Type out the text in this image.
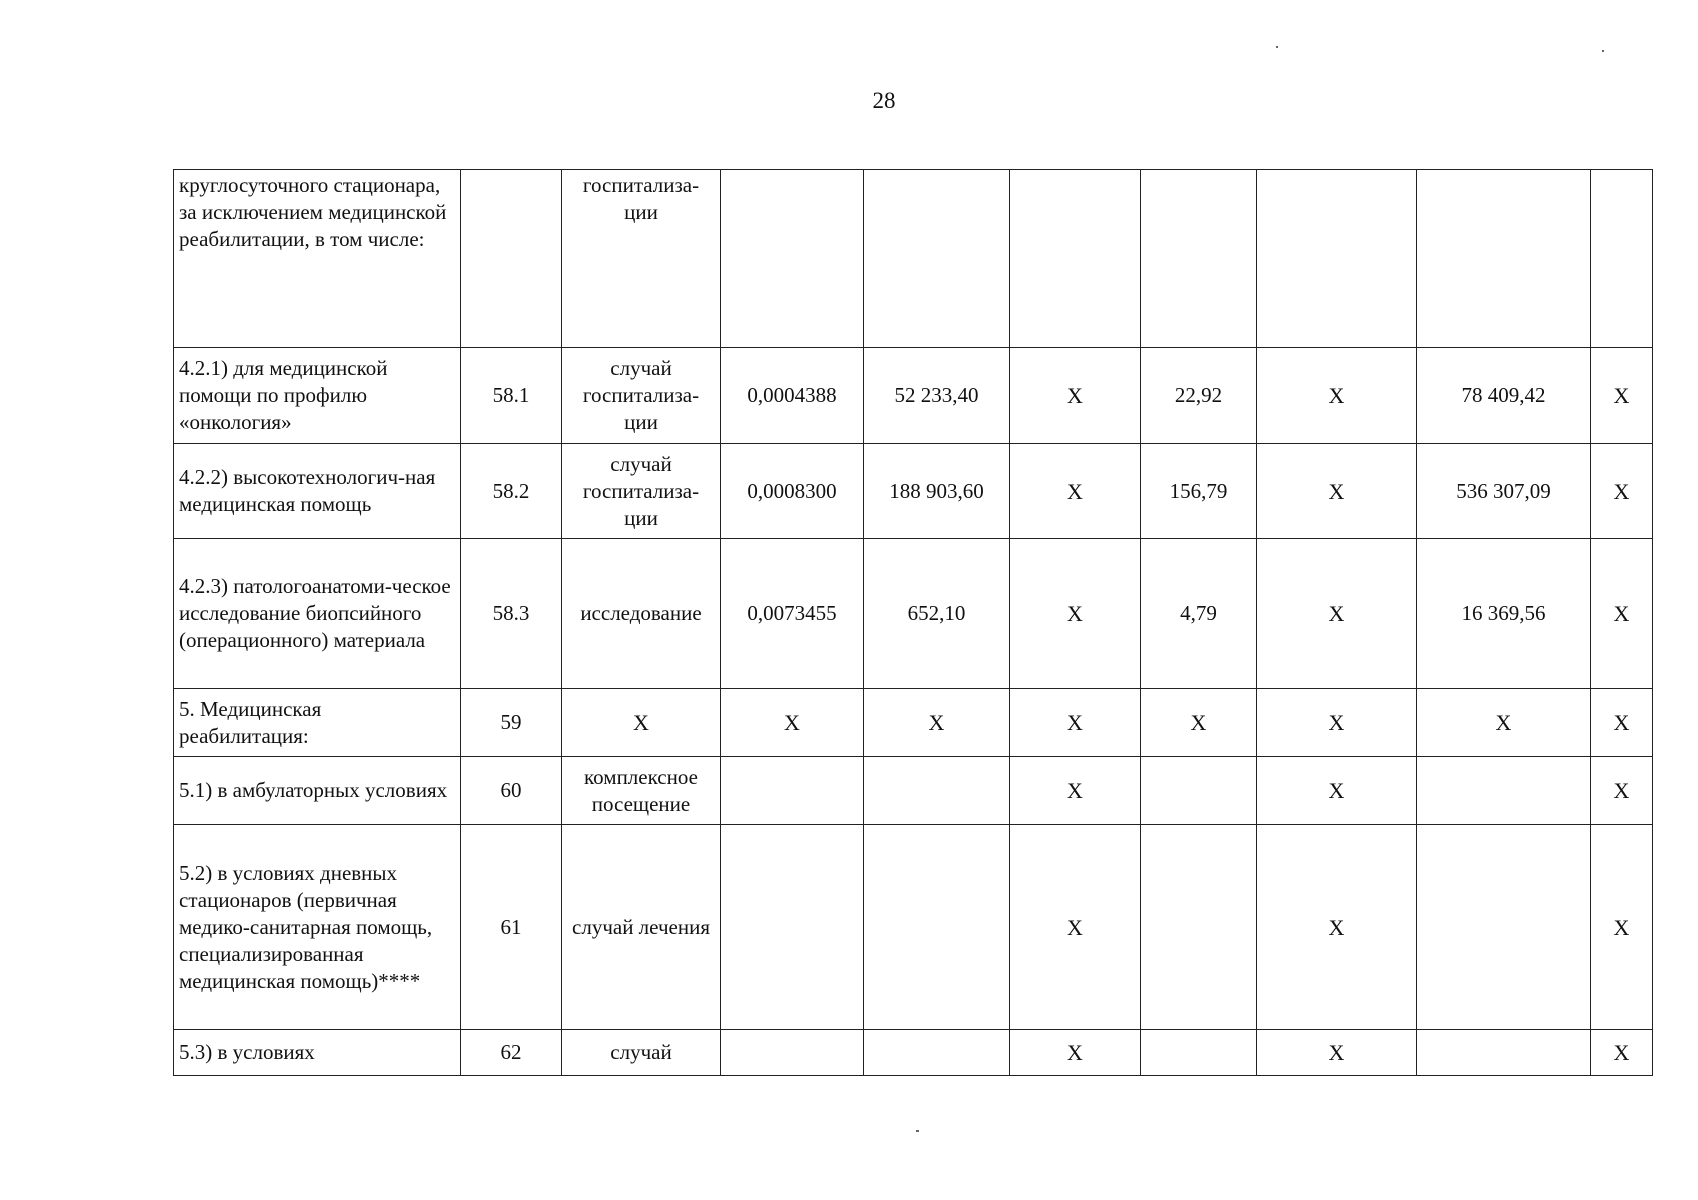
28
круглосуточного стационара, за исключением медицинской реабилитации, в том числе:		госпитализа-ции							
4.2.1) для медицинской помощи по профилю «онкология»	58.1	случай госпитализа-ции	0,0004388	52 233,40	Х	22,92	Х	78 409,42	Х
4.2.2) высокотехнологич-ная медицинская помощь	58.2	случай госпитализа-ции	0,0008300	188 903,60	Х	156,79	Х	536 307,09	Х
4.2.3) патологоанатоми-ческое исследование биопсийного (операционного) материала	58.3	исследование	0,0073455	652,10	Х	4,79	Х	16 369,56	Х
5. Медицинская реабилитация:	59	Х	Х	Х	Х	Х	Х	Х	Х
5.1) в амбулаторных условиях	60	комплексное посещение			Х		Х		Х
5.2) в условиях дневных стационаров (первичная медико-санитарная помощь, специализированная медицинская помощь)****	61	случай лечения			Х		Х		Х
5.3) в условиях	62	случай			Х		Х		Х
